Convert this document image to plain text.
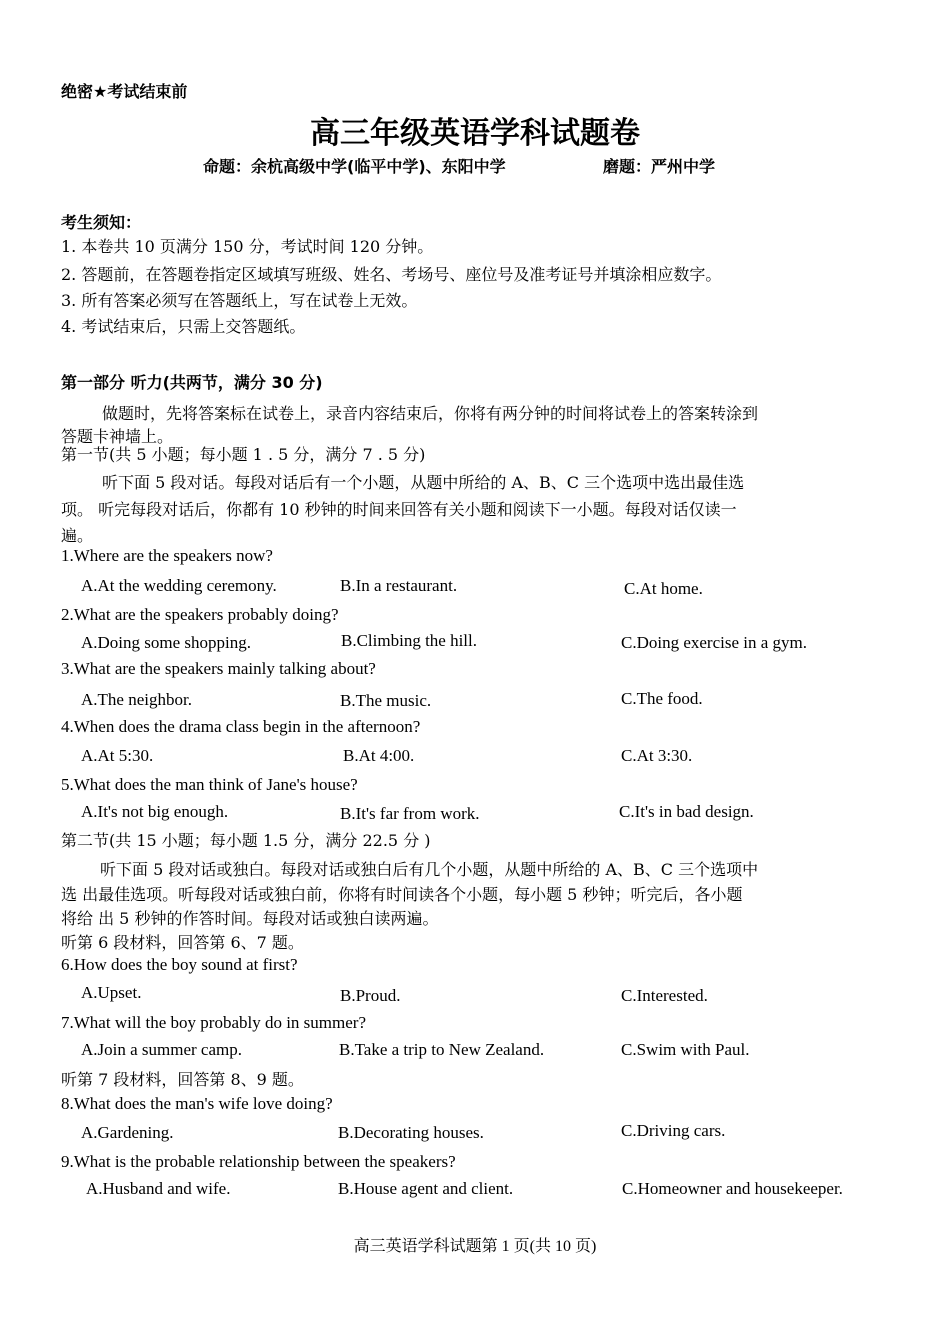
绝密★考试结束前
高三年级英语学科试题卷
命题：余杭高级中学(临平中学)、东阳中学	磨题：严州中学
考生须知：
1. 本卷共 10 页满分 150 分，考试时间 120 分钟。
2. 答题前，在答题卷指定区域填写班级、姓名、考场号、座位号及准考证号并填涂相应数字。
3. 所有答案必须写在答题纸上，写在试卷上无效。
4. 考试结束后，只需上交答题纸。
第一部分 听力(共两节，满分 30 分)
做题时，先将答案标在试卷上，录音内容结束后，你将有两分钟的时间将试卷上的答案转涂到
答题卡神墙上。
第一节(共 5 小题；每小题 1 . 5 分，满分 7 . 5 分)
听下面 5 段对话。每段对话后有一个小题，从题中所给的 A、B、C 三个选项中选出最佳选
项。 听完每段对话后，你都有 10 秒钟的时间来回答有关小题和阅读下一小题。每段对话仅读一
遍。
1.Where are the speakers now?
A.At the wedding ceremony.	B.In a restaurant.	C.At home.
2.What are the speakers probably doing?
A.Doing some shopping.	B.Climbing the hill.	C.Doing exercise in a gym.
3.What are the speakers mainly talking about?
A.The neighbor.	B.The music.	C.The food.
4.When does the drama class begin in the afternoon?
A.At 5:30.	B.At 4:00.	C.At 3:30.
5.What does the man think of Jane's house?
A.It's not big enough.	B.It's far from work.	C.It's in bad design.
第二节(共 15 小题；每小题 1.5 分，满分 22.5 分 )
听下面 5 段对话或独白。每段对话或独白后有几个小题，从题中所给的 A、B、C 三个选项中
选 出最佳选项。听每段对话或独白前，你将有时间读各个小题，每小题 5 秒钟；听完后，各小题
将给 出 5 秒钟的作答时间。每段对话或独白读两遍。
听第 6 段材料，回答第 6、7 题。
6.How does the boy sound at first?
A.Upset.	B.Proud.	C.Interested.
7.What will the boy probably do in summer?
A.Join a summer camp.	B.Take a trip to New Zealand.	C.Swim with Paul.
听第 7 段材料，回答第 8、9 题。
8.What does the man's wife love doing?
A.Gardening.	B.Decorating houses.	C.Driving cars.
9.What is the probable relationship between the speakers?
A.Husband and wife.	B.House agent and client.	C.Homeowner and housekeeper.
高三英语学科试题第 1 页(共 10 页)
